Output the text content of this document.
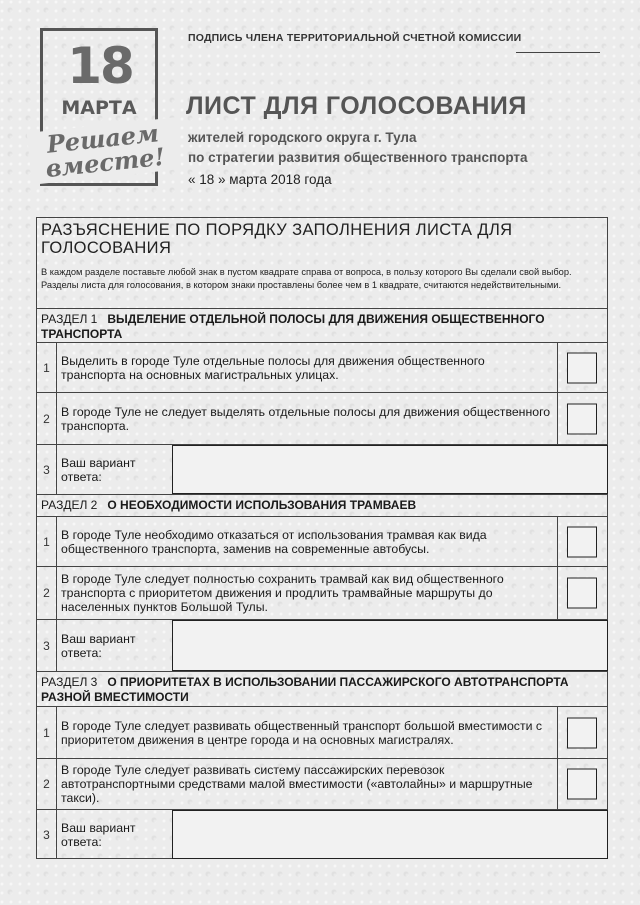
18
МАРТА
Решаем вместе!
ПОДПИСЬ ЧЛЕНА ТЕРРИТОРИАЛЬНОЙ СЧЕТНОЙ КОМИССИИ
ЛИСТ ДЛЯ ГОЛОСОВАНИЯ
жителей городского округа г. Тула
по стратегии развития общественного транспорта
« 18 » марта 2018 года
РАЗЪЯСНЕНИЕ ПО ПОРЯДКУ ЗАПОЛНЕНИЯ ЛИСТА ДЛЯ ГОЛОСОВАНИЯ
В каждом разделе поставьте любой знак в пустом квадрате справа от вопроса, в пользу которого Вы сделали свой выбор. Разделы листа для голосования, в котором знаки проставлены более чем в 1 квадрате, считаются недействительными.
РАЗДЕЛ 1 ВЫДЕЛЕНИЕ ОТДЕЛЬНОЙ ПОЛОСЫ ДЛЯ ДВИЖЕНИЯ ОБЩЕСТВЕННОГО ТРАНСПОРТА
1 Выделить в городе Туле отдельные полосы для движения общественного транспорта на основных магистральных улицах.
2 В городе Туле не следует выделять отдельные полосы для движения общественного транспорта.
3 Ваш вариант ответа:
РАЗДЕЛ 2 О НЕОБХОДИМОСТИ ИСПОЛЬЗОВАНИЯ ТРАМВАЕВ
1 В городе Туле необходимо отказаться от использования трамвая как вида общественного транспорта, заменив на современные автобусы.
2
В городе Туле следует полностью сохранить трамвай как вид общественного транспорта с приоритетом движения и продлить трамвайные маршруты до населенных пунктов Большой Тулы.
3 Ваш вариант ответа:
РАЗДЕЛ 3 О ПРИОРИТЕТАХ В ИСПОЛЬЗОВАНИИ ПАССАЖИРСКОГО АВТОТРАНСПОРТА РАЗНОЙ ВМЕСТИМОСТИ
1 В городе Туле следует развивать общественный транспорт большой вместимости с приоритетом движения в центре города и на основных магистралях.
2
В городе Туле следует развивать систему пассажирских перевозок автотранспортными средствами малой вместимости («автолайны» и маршрутные такси).
3 Ваш вариант ответа:
